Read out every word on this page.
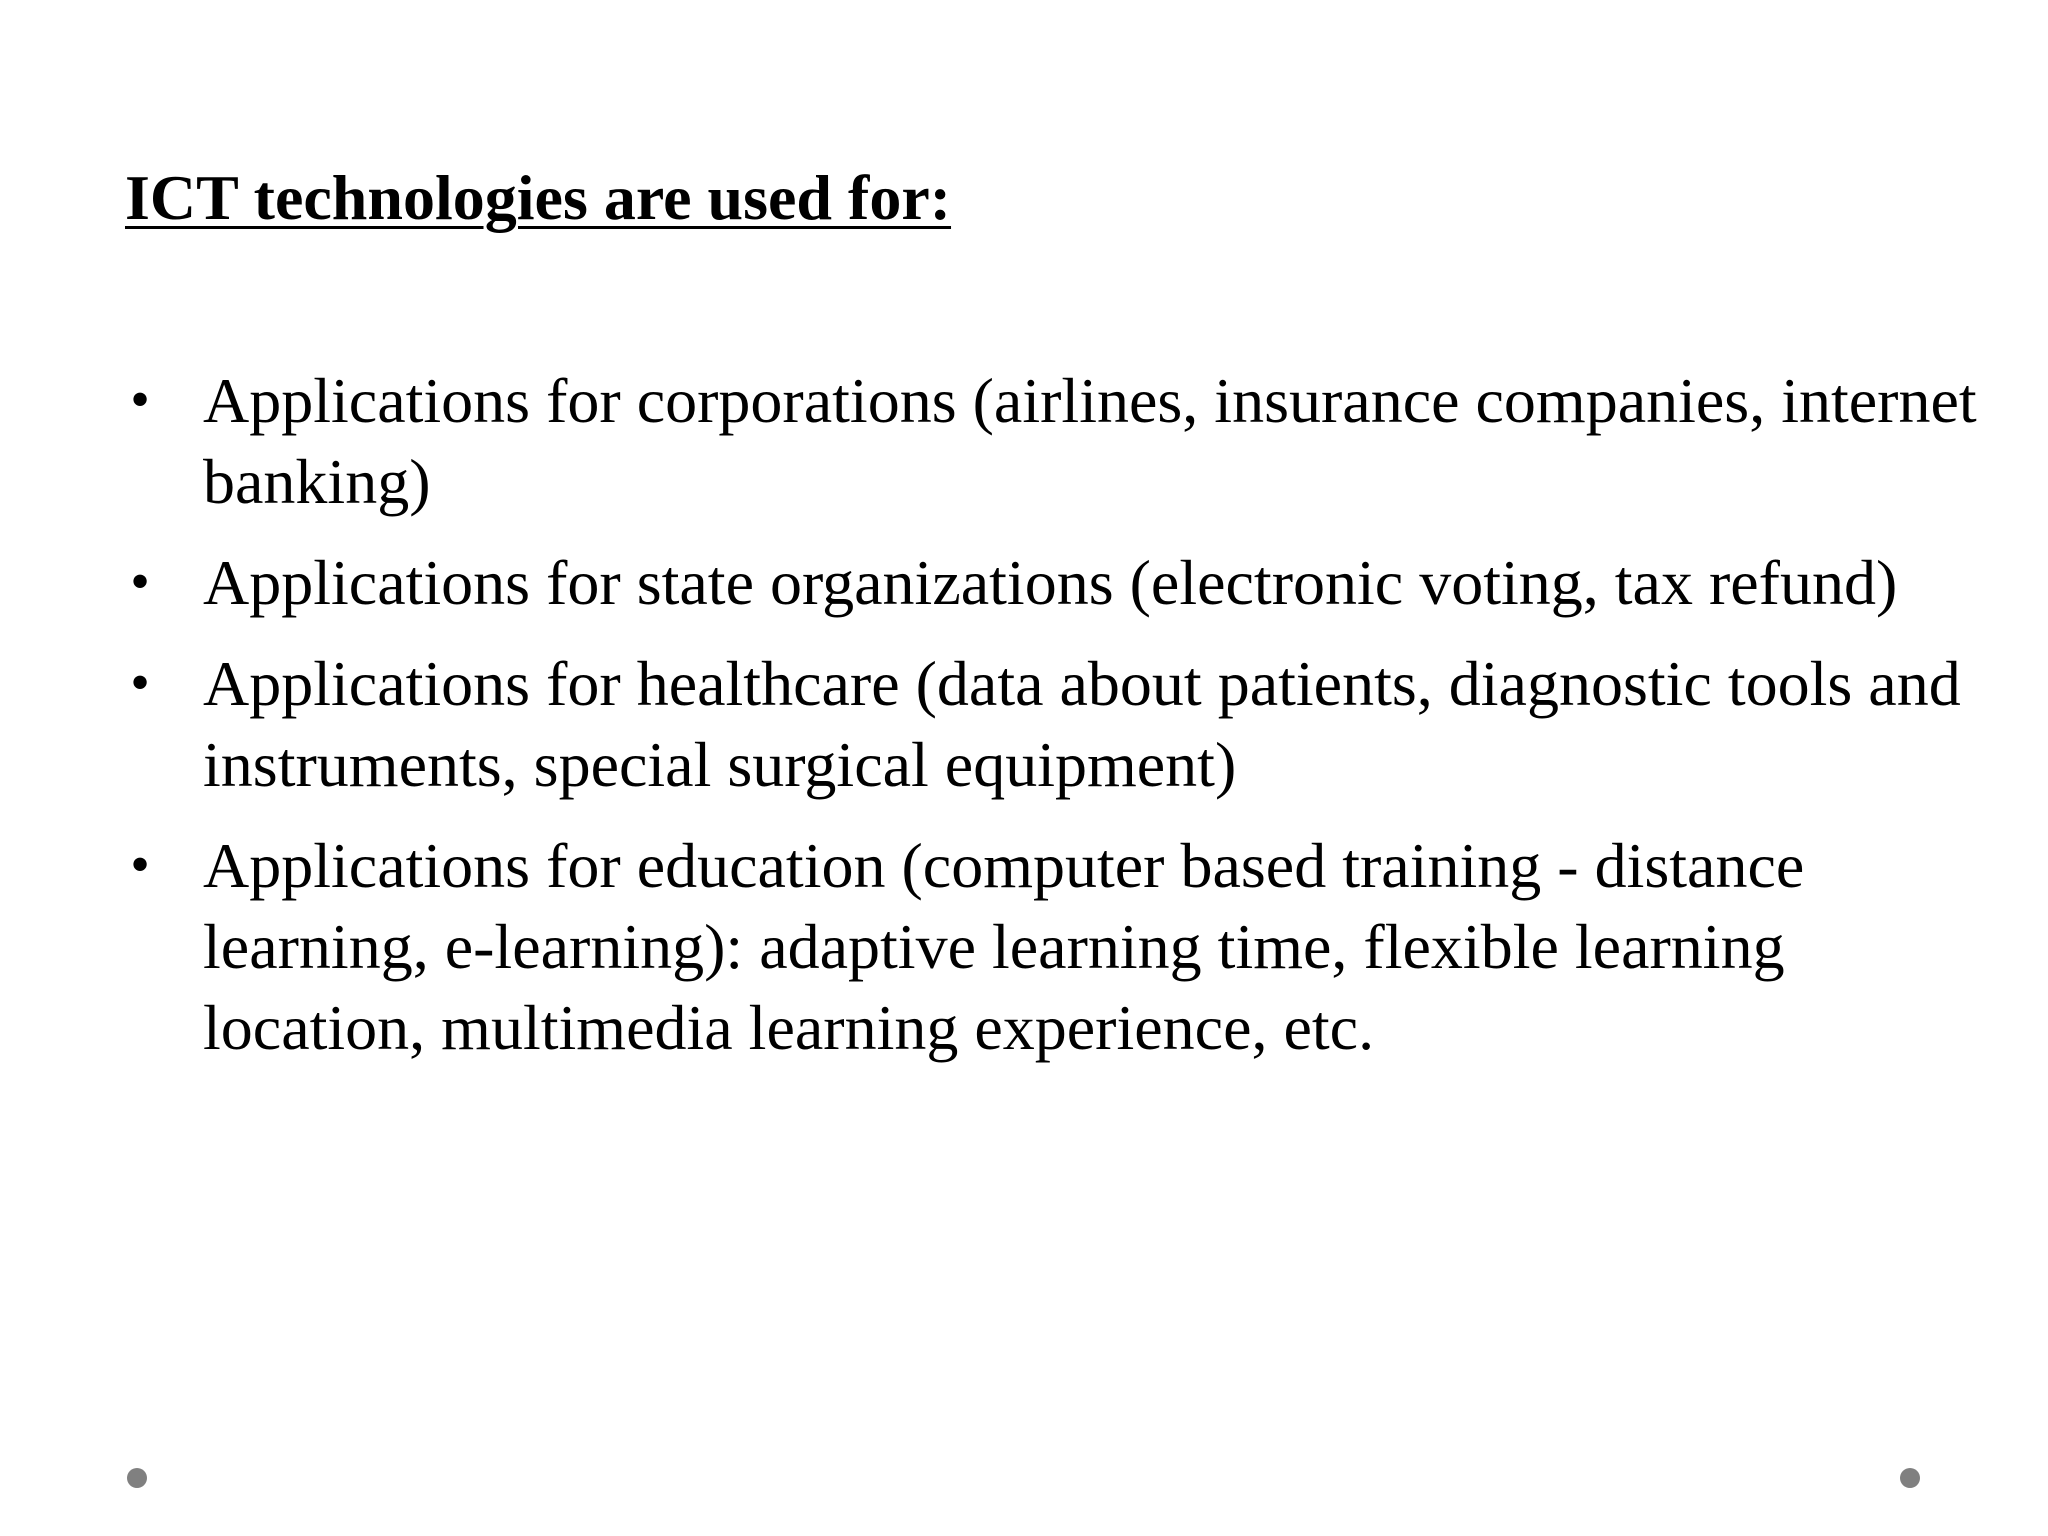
ICT technologies are used for:
• Applications for corporations (airlines, insurance companies, internet banking)
• Applications for state organizations (electronic voting, tax refund)
• Applications for healthcare (data about patients, diagnostic tools and instruments, special surgical equipment)
• Applications for education (computer based training - distance learning, e-learning): adaptive learning time, flexible learning location, multimedia learning experience, etc.
